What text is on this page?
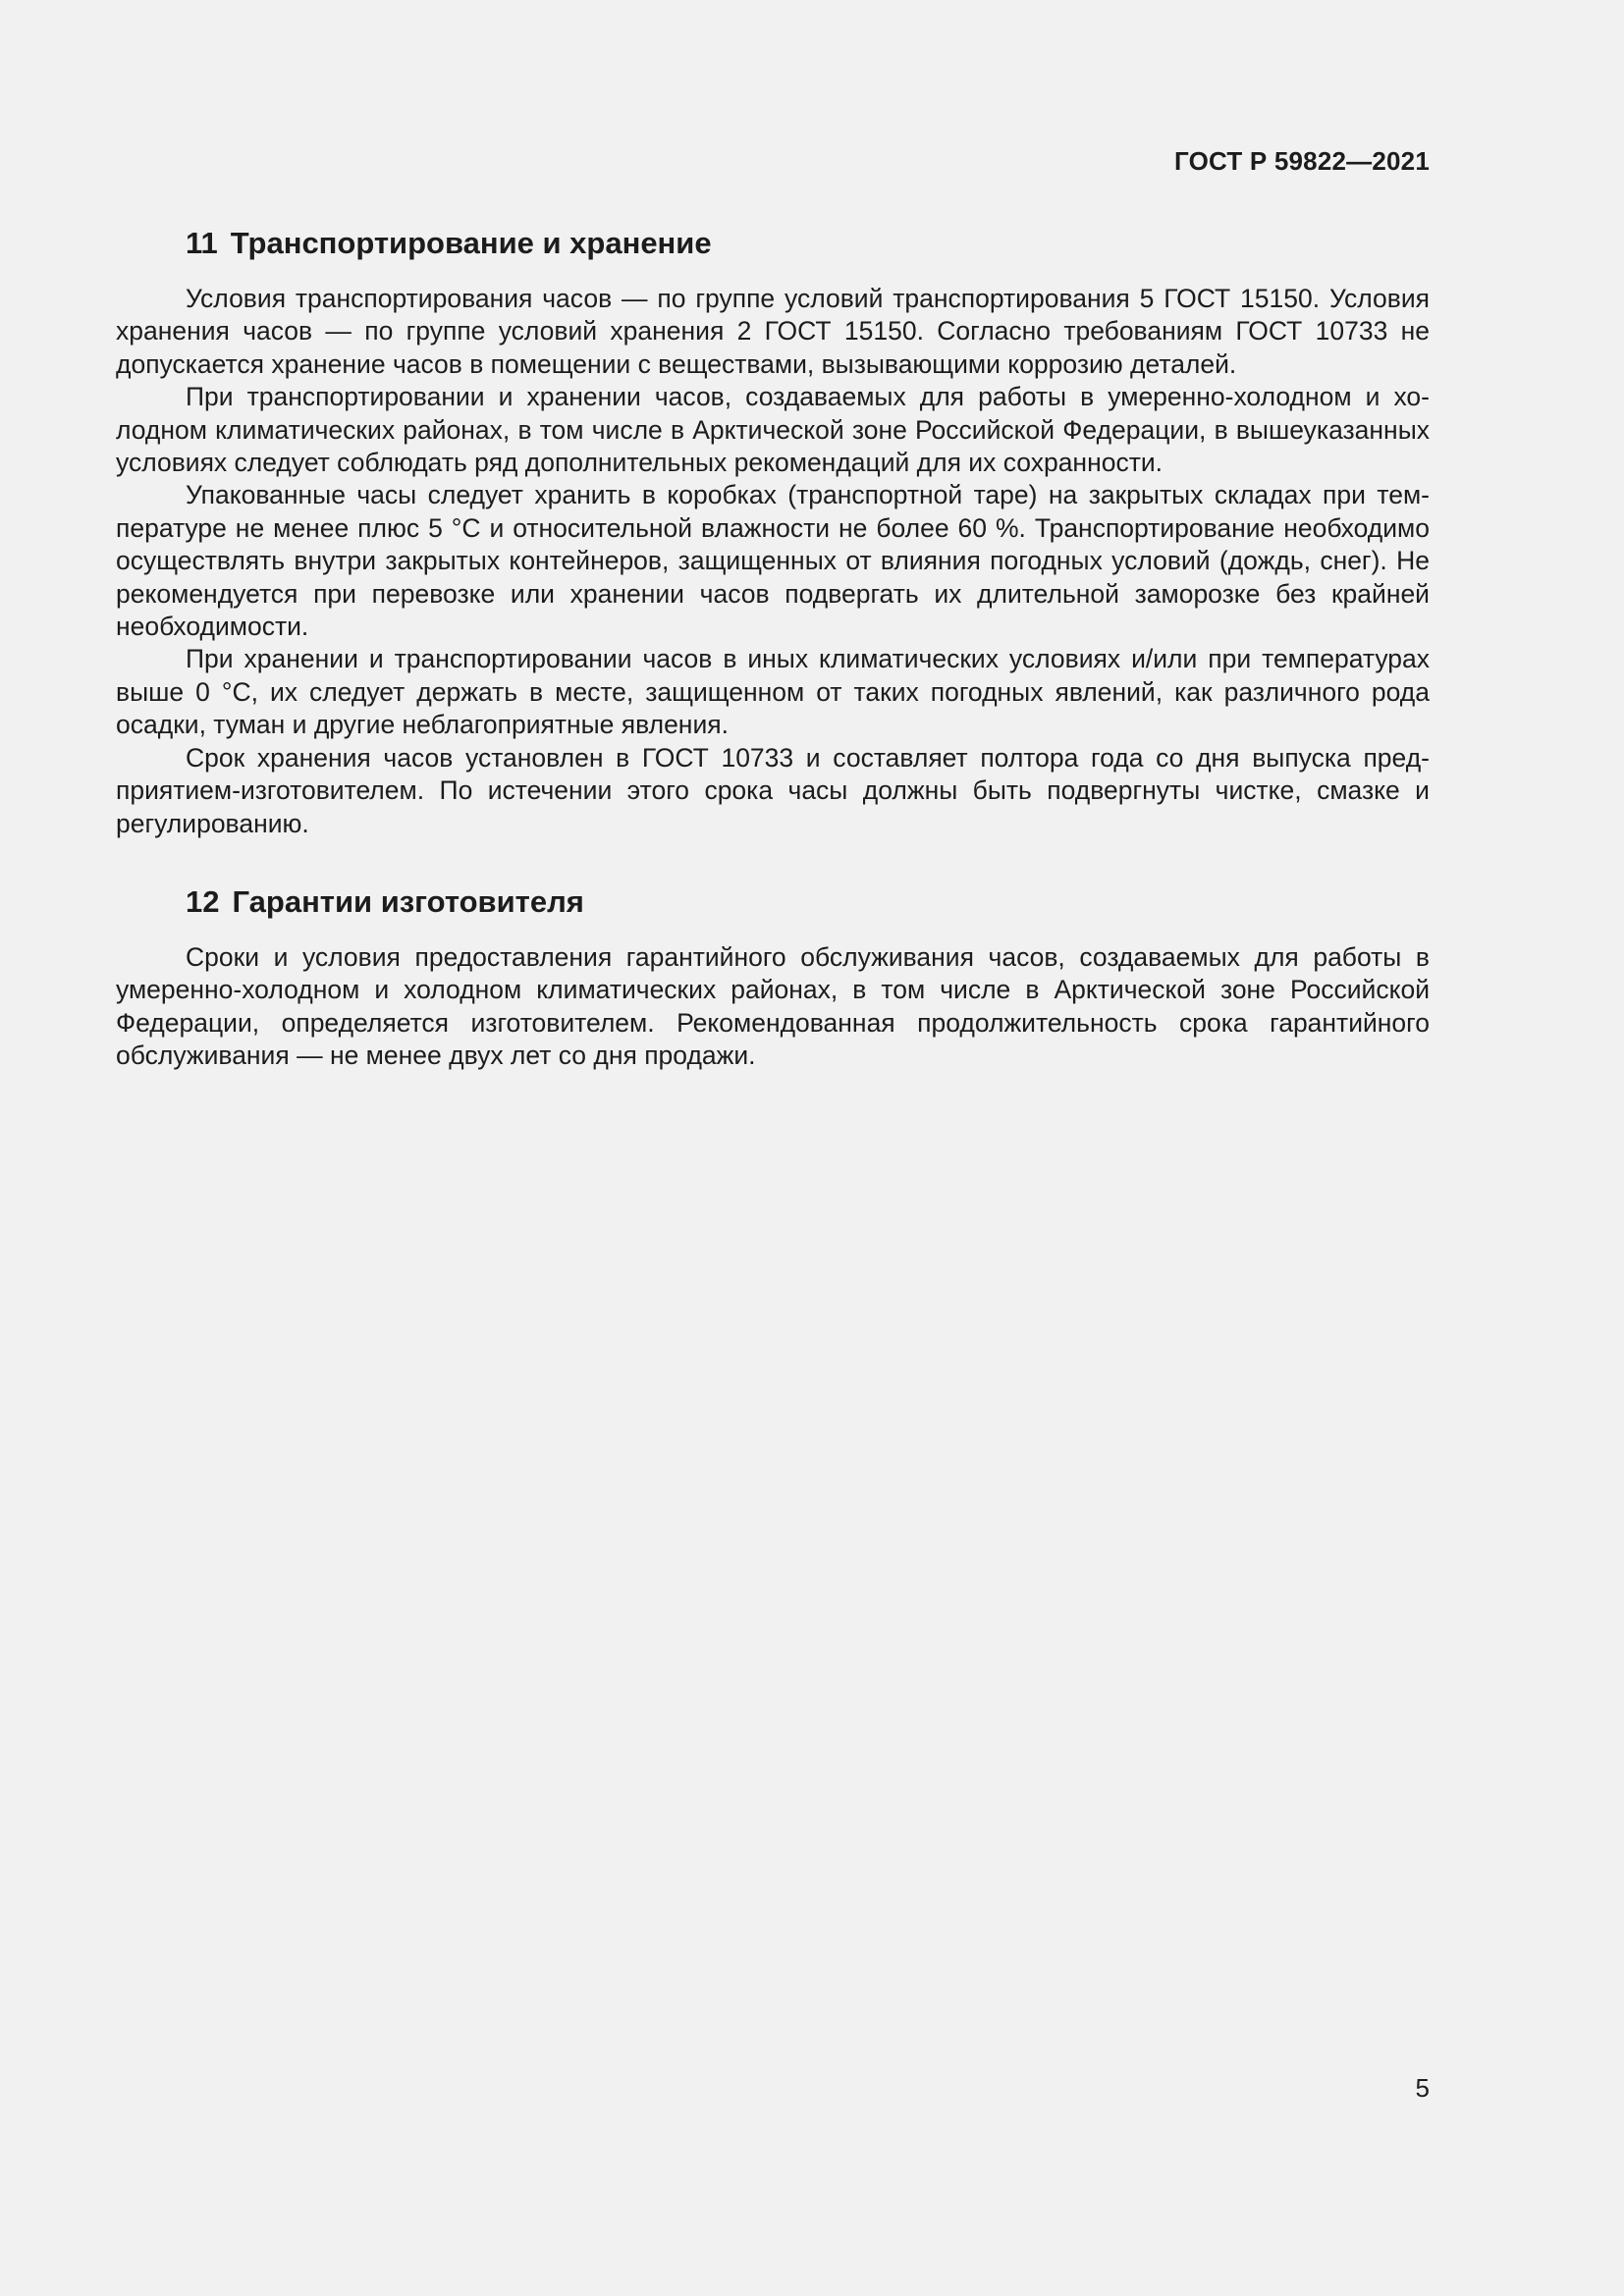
ГОСТ Р 59822—2021
11 Транспортирование и хранение

Условия транспортирования часов — по группе условий транспортирования 5 ГОСТ 15150. Условия хранения часов — по группе условий хранения 2 ГОСТ 15150. Согласно требованиям ГОСТ 10733 не допускается хранение часов в помещении с веществами, вызывающими коррозию деталей.

При транспортировании и хранении часов, создаваемых для работы в умеренно-холодном и холодном климатических районах, в том числе в Арктической зоне Российской Федерации, в вышеуказанных условиях следует соблюдать ряд дополнительных рекомендаций для их сохранности.

Упакованные часы следует хранить в коробках (транспортной таре) на закрытых складах при температуре не менее плюс 5 °С и относительной влажности не более 60 %. Транспортирование необходимо осуществлять внутри закрытых контейнеров, защищенных от влияния погодных условий (дождь, снег). Не рекомендуется при перевозке или хранении часов подвергать их длительной заморозке без крайней необходимости.

При хранении и транспортировании часов в иных климатических условиях и/или при температурах выше 0 °С, их следует держать в месте, защищенном от таких погодных явлений, как различного рода осадки, туман и другие неблагоприятные явления.

Срок хранения часов установлен в ГОСТ 10733 и составляет полтора года со дня выпуска предприятием-изготовителем. По истечении этого срока часы должны быть подвергнуты чистке, смазке и регулированию.

12 Гарантии изготовителя

Сроки и условия предоставления гарантийного обслуживания часов, создаваемых для работы в умеренно-холодном и холодном климатических районах, в том числе в Арктической зоне Российской Федерации, определяется изготовителем. Рекомендованная продолжительность срока гарантийного обслуживания — не менее двух лет со дня продажи.

5
